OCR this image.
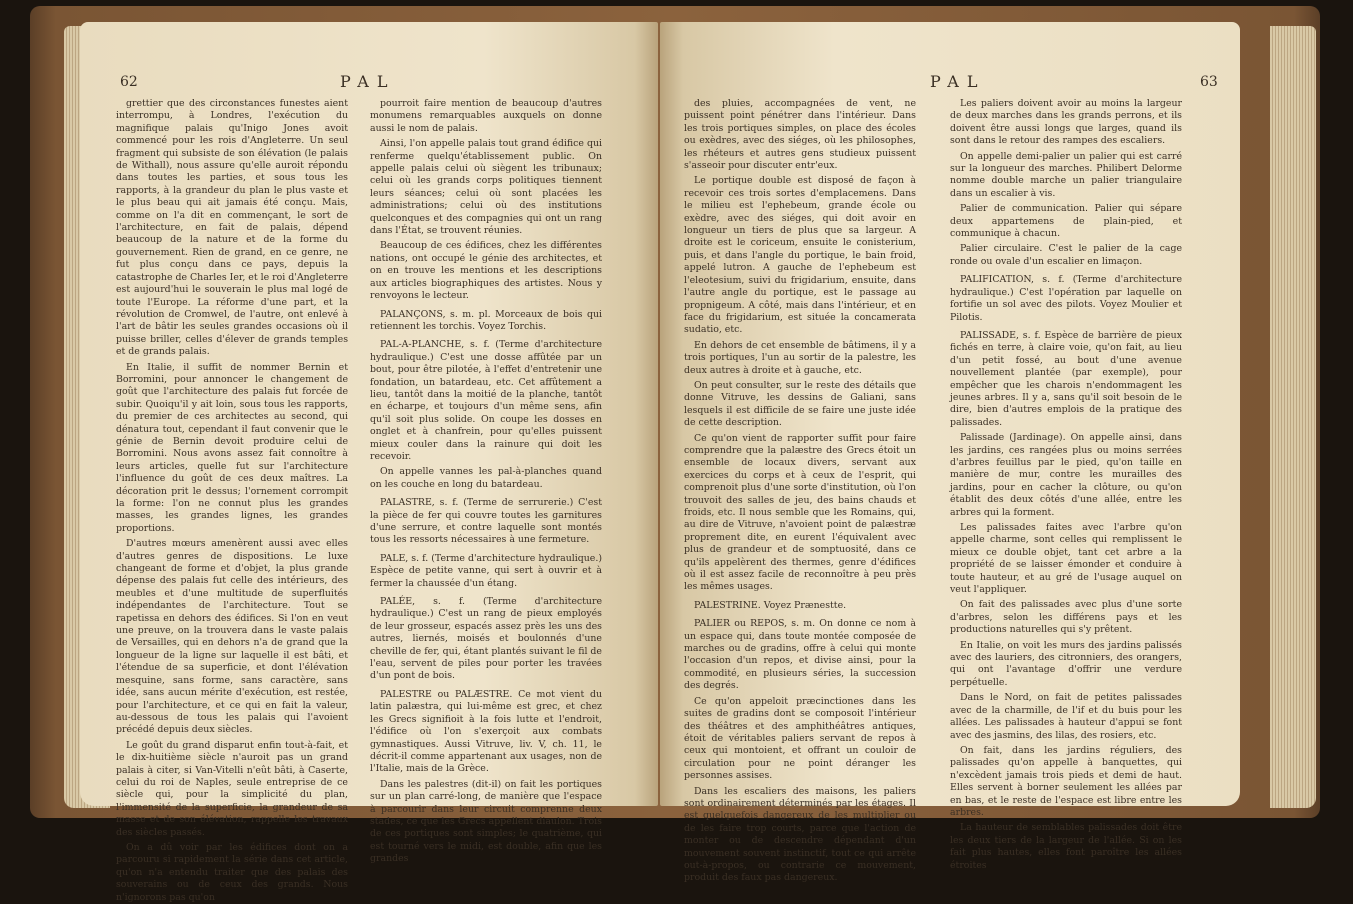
62	PAL

grettier que des circonstances funestes aient interrompu, à Londres, l'exécution du magnifique palais qu'Inigo Jones avoit commencé pour les rois d'Angleterre. Un seul fragment qui subsiste de son élévation (le palais de Withall), nous assure qu'elle auroit répondu dans toutes les parties, et sous tous les rapports, à la grandeur du plan le plus vaste et le plus beau qui ait jamais été conçu. Mais, comme on l'a dit en commençant, le sort de l'architecture, en fait de palais, dépend beaucoup de la nature et de la forme du gouvernement. Rien de grand, en ce genre, ne fut plus conçu dans ce pays, depuis la catastrophe de Charles Ier, et le roi d'Angleterre est aujourd'hui le souverain le plus mal logé de toute l'Europe. La réforme d'une part, et la révolution de Cromwel, de l'autre, ont enlevé à l'art de bâtir les seules grandes occasions où il puisse briller, celles d'élever de grands temples et de grands palais.

En Italie, il suffit de nommer Bernin et Borromini, pour annoncer le changement de goût que l'architecture des palais fut forcée de subir. Quoiqu'il y ait loin, sous tous les rapports, du premier de ces architectes au second, qui dénatura tout, cependant il faut convenir que le génie de Bernin devoit produire celui de Borromini. Nous avons assez fait connoître à leurs articles, quelle fut sur l'architecture l'influence du goût de ces deux maîtres. La décoration prit le dessus; l'ornement corrompit la forme: l'on ne connut plus les grandes masses, les grandes lignes, les grandes proportions.

D'autres mœurs amenèrent aussi avec elles d'autres genres de dispositions. Le luxe changeant de forme et d'objet, la plus grande dépense des palais fut celle des intérieurs, des meubles et d'une multitude de superfluités indépendantes de l'architecture. Tout se rapetissa en dehors des édifices. Si l'on en veut une preuve, on la trouvera dans le vaste palais de Versailles, qui en dehors n'a de grand que la longueur de la ligne sur laquelle il est bâti, et l'étendue de sa superficie, et dont l'élévation mesquine, sans forme, sans caractère, sans idée, sans aucun mérite d'exécution, est restée, pour l'architecture, et ce qui en fait la valeur, au-dessous de tous les palais qui l'avoient précédé depuis deux siècles.

Le goût du grand disparut enfin tout-à-fait, et le dix-huitième siècle n'auroit pas un grand palais à citer, si Van-Vitelli n'eût bâti, à Caserte, celui du roi de Naples, seule entreprise de ce siècle qui, pour la simplicité du plan, l'immensité de la superficie, la grandeur de sa masse et de son élévation, rappelle les travaux des siècles passés.

On a dû voir par les édifices dont on a parcouru si rapidement la série dans cet article, qu'on n'a entendu traiter que des palais des souverains ou de ceux des grands. Nous n'ignorons pas qu'on

pourroit faire mention de beaucoup d'autres monumens remarquables auxquels on donne aussi le nom de palais.

Ainsi, l'on appelle palais tout grand édifice qui renferme quelqu'établissement public. On appelle palais celui où siègent les tribunaux; celui où les grands corps politiques tiennent leurs séances; celui où sont placées les administrations; celui où des institutions quelconques et des compagnies qui ont un rang dans l'État, se trouvent réunies.

Beaucoup de ces édifices, chez les différentes nations, ont occupé le génie des architectes, et on en trouve les mentions et les descriptions aux articles biographiques des artistes. Nous y renvoyons le lecteur.

PALANÇONS, s. m. pl. Morceaux de bois qui retiennent les torchis. Voyez Torchis.

PAL-A-PLANCHE, s. f. (Terme d'architecture hydraulique.) C'est une dosse affûtée par un bout, pour être pilotée, à l'effet d'entretenir une fondation, un batardeau, etc. Cet affûtement a lieu, tantôt dans la moitié de la planche, tantôt en écharpe, et toujours d'un même sens, afin qu'il soit plus solide. On coupe les dosses en onglet et à chanfrein, pour qu'elles puissent mieux couler dans la rainure qui doit les recevoir.

On appelle vannes les pal-à-planches quand on les couche en long du batardeau.

PALASTRE, s. f. (Terme de serrurerie.) C'est la pièce de fer qui couvre toutes les garnitures d'une serrure, et contre laquelle sont montés tous les ressorts nécessaires à une fermeture.

PALE, s. f. (Terme d'architecture hydraulique.) Espèce de petite vanne, qui sert à ouvrir et à fermer la chaussée d'un étang.

PALÉE, s. f. (Terme d'architecture hydraulique.) C'est un rang de pieux employés de leur grosseur, espacés assez près les uns des autres, liernés, moisés et boulonnés d'une cheville de fer, qui, étant plantés suivant le fil de l'eau, servent de piles pour porter les travées d'un pont de bois.

PALESTRE ou PALÆSTRE. Ce mot vient du latin palæstra, qui lui-même est grec, et chez les Grecs signifioit à la fois lutte et l'endroit, l'édifice où l'on s'exerçoit aux combats gymnastiques. Aussi Vitruve, liv. V, ch. 11, le décrit-il comme appartenant aux usages, non de l'Italie, mais de la Grèce.

Dans les palestres (dit-il) on fait les portiques sur un plan carré-long, de manière que l'espace à parcourir dans leur circuit comprenne deux stades, ce que les Grecs appellent diaulon. Trois de ces portiques sont simples; le quatrième, qui est tourné vers le midi, est double, afin que les grandes

PAL	63

des pluies, accompagnées de vent, ne puissent point pénétrer dans l'intérieur. Dans les trois portiques simples, on place des écoles ou exèdres, avec des siéges, où les philosophes, les rhéteurs et autres gens studieux puissent s'asseoir pour discuter entr'eux.

Le portique double est disposé de façon à recevoir ces trois sortes d'emplacemens. Dans le milieu est l'ephebeum, grande école ou exèdre, avec des siéges, qui doit avoir en longueur un tiers de plus que sa largeur. A droite est le coriceum, ensuite le conisterium, puis, et dans l'angle du portique, le bain froid, appelé lutron. A gauche de l'ephebeum est l'eleotesium, suivi du frigidarium, ensuite, dans l'autre angle du portique, est le passage au propnigeum. A côté, mais dans l'intérieur, et en face du frigidarium, est située la concamerata sudatio, etc.

En dehors de cet ensemble de bâtimens, il y a trois portiques, l'un au sortir de la palestre, les deux autres à droite et à gauche, etc.

On peut consulter, sur le reste des détails que donne Vitruve, les dessins de Galiani, sans lesquels il est difficile de se faire une juste idée de cette description.

Ce qu'on vient de rapporter suffit pour faire comprendre que la palæstre des Grecs étoit un ensemble de locaux divers, servant aux exercices du corps et à ceux de l'esprit, qui comprenoit plus d'une sorte d'institution, où l'on trouvoit des salles de jeu, des bains chauds et froids, etc. Il nous semble que les Romains, qui, au dire de Vitruve, n'avoient point de palæstræ proprement dite, en eurent l'équivalent avec plus de grandeur et de somptuosité, dans ce qu'ils appelèrent des thermes, genre d'édifices où il est assez facile de reconnoître à peu près les mêmes usages.

PALESTRINE. Voyez Prænestte.

PALIER ou REPOS, s. m. On donne ce nom à un espace qui, dans toute montée composée de marches ou de gradins, offre à celui qui monte l'occasion d'un repos, et divise ainsi, pour la commodité, en plusieurs séries, la succession des degrés.

Ce qu'on appeloit præcinctiones dans les suites de gradins dont se composoit l'intérieur des théâtres et des amphithéâtres antiques, étoit de véritables paliers servant de repos à ceux qui montoient, et offrant un couloir de circulation pour ne point déranger les personnes assises.

Dans les escaliers des maisons, les paliers sont ordinairement déterminés par les étages. Il est quelquefois dangereux de les multiplier ou de les faire trop courts, parce que l'action de monter ou de descendre dépendant d'un mouvement souvent instinctif, tout ce qui arrête out-à-propos, ou contrarie ce mouvement, produit des faux pas dangereux.

Les paliers doivent avoir au moins la largeur de deux marches dans les grands perrons, et ils doivent être aussi longs que larges, quand ils sont dans le retour des rampes des escaliers.

On appelle demi-palier un palier qui est carré sur la longueur des marches. Philibert Delorme nomme double marche un palier triangulaire dans un escalier à vis.

Palier de communication. Palier qui sépare deux appartemens de plain-pied, et communique à chacun.

Palier circulaire. C'est le palier de la cage ronde ou ovale d'un escalier en limaçon.

PALIFICATION, s. f. (Terme d'architecture hydraulique.) C'est l'opération par laquelle on fortifie un sol avec des pilots. Voyez Moulier et Pilotis.

PALISSADE, s. f. Espèce de barrière de pieux fichés en terre, à claire voie, qu'on fait, au lieu d'un petit fossé, au bout d'une avenue nouvellement plantée (par exemple), pour empêcher que les charois n'endommagent les jeunes arbres. Il y a, sans qu'il soit besoin de le dire, bien d'autres emplois de la pratique des palissades.

Palissade (Jardinage). On appelle ainsi, dans les jardins, ces rangées plus ou moins serrées d'arbres feuillus par le pied, qu'on taille en manière de mur, contre les murailles des jardins, pour en cacher la clôture, ou qu'on établit des deux côtés d'une allée, entre les arbres qui la forment.

Les palissades faites avec l'arbre qu'on appelle charme, sont celles qui remplissent le mieux ce double objet, tant cet arbre a la propriété de se laisser émonder et conduire à toute hauteur, et au gré de l'usage auquel on veut l'appliquer.

On fait des palissades avec plus d'une sorte d'arbres, selon les différens pays et les productions naturelles qui s'y prêtent.

En Italie, on voit les murs des jardins palissés avec des lauriers, des citronniers, des orangers, qui ont l'avantage d'offrir une verdure perpétuelle.

Dans le Nord, on fait de petites palissades avec de la charmille, de l'if et du buis pour les allées. Les palissades à hauteur d'appui se font avec des jasmins, des lilas, des rosiers, etc.

On fait, dans les jardins réguliers, des palissades qu'on appelle à banquettes, qui n'excèdent jamais trois pieds et demi de haut. Elles servent à borner seulement les allées par en bas, et le reste de l'espace est libre entre les arbres.

La hauteur de semblables palissades doit être les deux tiers de la largeur de l'allée. Si on les fait plus hautes, elles font paroître les allées étroites
